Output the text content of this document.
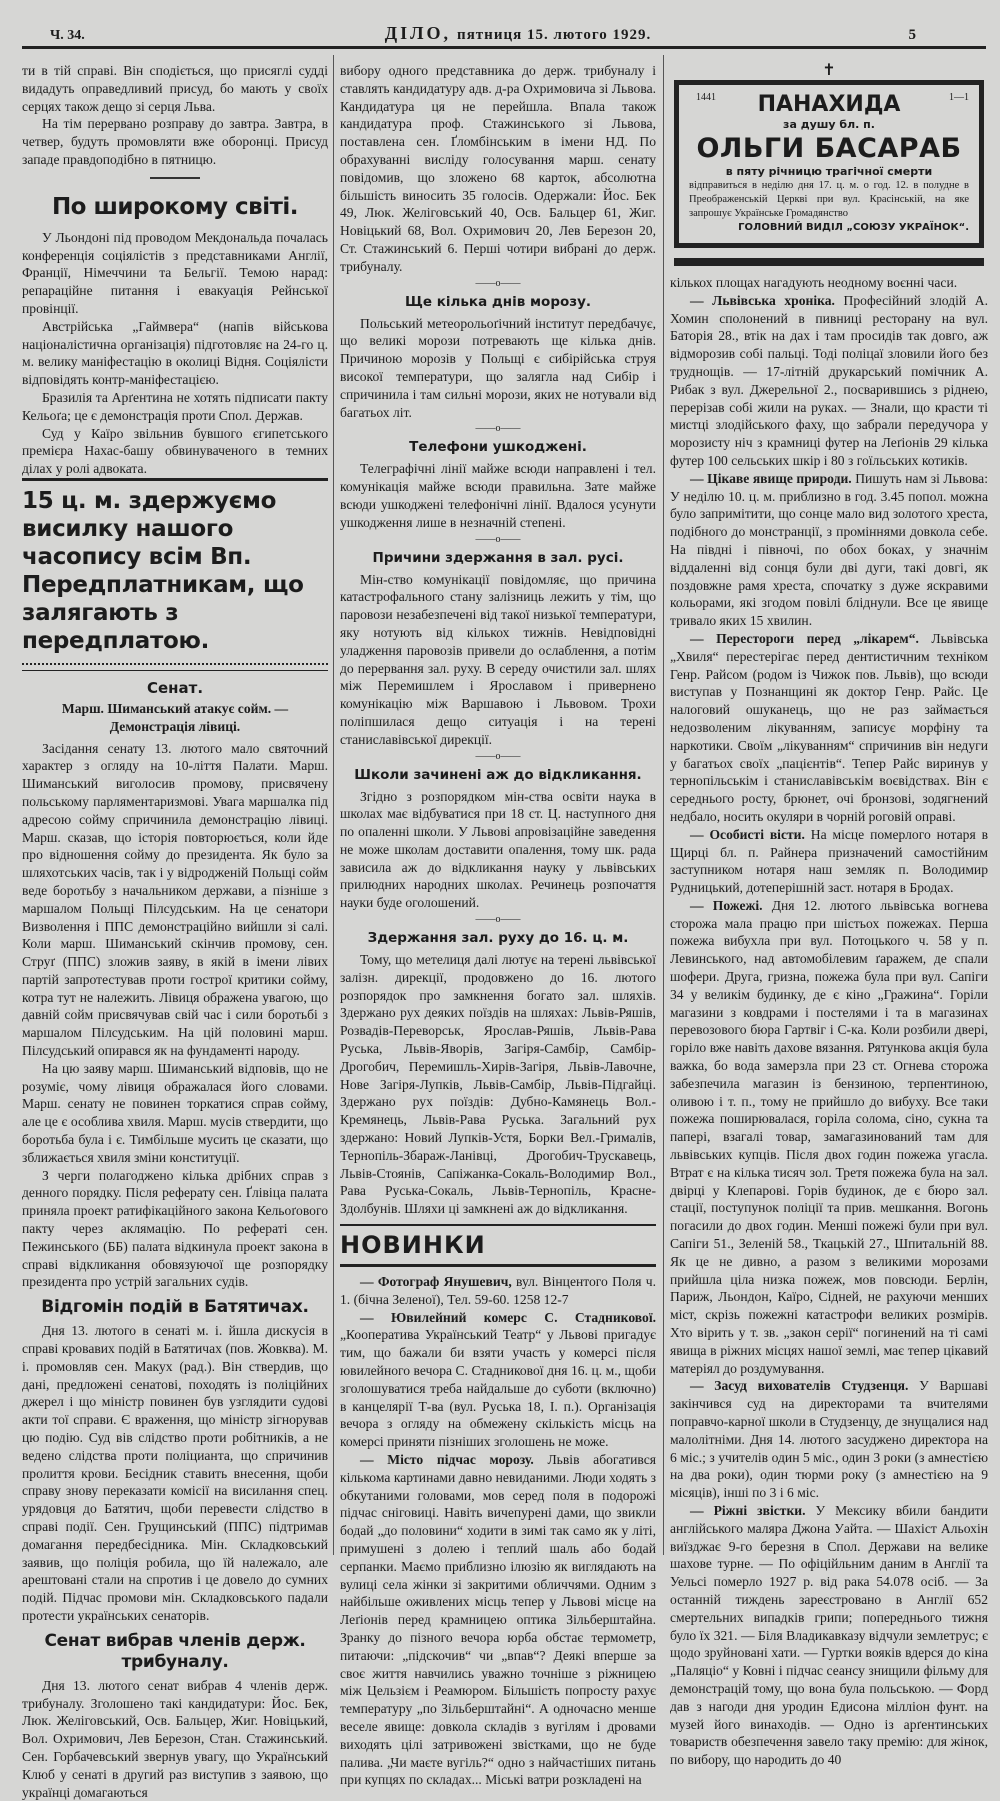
Ч. 34.	ДІЛО, пятниця 15. лютого 1929.	5

ти в тій справі. Він сподіється, що присяглі судді видадуть оправедливий присуд, бо мають у своїх серцях також дещо зі серця Льва.

На тім перервано розправу до завтра. Завтра, в четвер, будуть промовляти вже оборонці. Присуд западе правдоподібно в пятницю.

По широкому світі.

У Льондоні під проводом Мекдональда почалась конференція соціялістів з представниками Англії, Франції, Німеччини та Бельгії. Темою нарад: репараційне питання і евакуація Рейнської провінції.

Австрійська „Гаймвера“ (напів військова націоналістична організація) підготовляє на 24-го ц. м. велику маніфестацію в околиці Відня. Соціялісти відповідять контр-маніфестацією.

Бразилія та Арґентина не хотять підписати пакту Кельоґа; це є демонстрація проти Спол. Держав.

Суд у Каїро звільнив бувшого єгипетського премієра Нахас-башу обвинуваченого в темних ділах у ролі адвоката.

15 ц. м. здержуємо висилку нашого часопису всім Вп. Передплатникам, що залягають з передплатою.
Сенат.

Марш. Шиманський атакує сойм. — Демонстрація лівиці.

Засідання сенату 13. лютого мало святочний характер з огляду на 10-ліття Палати. Марш. Шиманський виголосив промову, присвячену польському парляментаризмові. Увага маршалка під адресою сойму спричинила демонстрацію лівиці. Марш. сказав, що історія повторюється, коли йде про відношення сойму до президента. Як було за шляхотських часів, так і у відродженій Польщі сойм веде боротьбу з начальником держави, а пізніше з маршалом Польщі Пілсудським. На це сенатори Визволення і ППС демонстраційно вийшли зі салі. Коли марш. Шиманський скінчив промову, сен. Струґ (ППС) зложив заяву, в якій в імени лівих партій запротестував проти гострої критики сойму, котра тут не належить. Лівиця ображена увагою, що давній сойм присвячував свій час і сили боротьбі з маршалом Пілсудським. На цій половині марш. Пілсудський опирався як на фундаменті народу.

На цю заяву марш. Шиманський відповів, що не розуміє, чому лівиця ображалася його словами. Марш. сенату не повинен торкатися справ сойму, але це є особлива хвиля. Марш. мусів ствердити, що боротьба була і є. Тимбільше мусить це сказати, що зближається хвиля зміни конституції.

З черги полагоджено кілька дрібних справ з денного порядку. Після реферату сен. Ґлівіца палата приняла проект ратифікаційного закона Кельоґового пакту через аклямацію. По рефераті сен. Пежинського (ББ) палата відкинула проект закона в справі відкликання обовязуючої ще розпорядку президента про устрій загальних судів.

Відгомін подій в Батятичах.

Дня 13. лютого в сенаті м. і. йшла дискусія в справі кровавих подій в Батятичах (пов. Жовква). М. і. промовляв сен. Макух (рад.). Він ствердив, що дані, предложені сенатові, походять із поліційних джерел і що міністр повинен був узглядити судові акти тої справи. Є враження, що міністр зігнорував цю подію. Суд вів слідство проти робітників, а не ведено слідства проти поліцианта, що спричинив пролиття крови. Бесідник ставить внесення, щоби справу знову переказати комісії на висилання спец. урядовця до Батятич, щоби перевести слідство в справі події. Сен. Грущинський (ППС) підтримав домагання передбесідника. Мін. Складковський заявив, що поліція робила, що їй належало, але арештовані стали на спротив і це довело до сумних подій. Підчас промови мін. Складковського падали протести українських сенаторів.

Сенат вибрав членів держ. трибуналу.

Дня 13. лютого сенат вибрав 4 членів держ. трибуналу. Зголошено такі кандидатури: Йос. Бек, Люк. Желіговський, Осв. Бальцер, Жиг. Новіцький, Вол. Охримович, Лев Березон, Стан. Стажинський. Сен. Горбачевський звернув увагу, що Український Клюб у сенаті в другий раз виступив з заявою, що українці домагаються

вибору одного представника до держ. трибуналу і ставлять кандидатуру адв. д-ра Охримовича зі Львова. Кандидатура ця не перейшла. Впала також кандидатура проф. Стажинського зі Львова, поставлена сен. Ґломбінським в імени НД. По обрахуванні висліду голосування марш. сенату повідомив, що зложено 68 карток, абсолютна більшість виносить 35 голосів. Одержали: Йос. Бек 49, Люк. Желіговський 40, Осв. Бальцер 61, Жиг. Новіцький 68, Вол. Охримович 20, Лев Березон 20, Ст. Стажинський 6. Перші чотири вибрані до держ. трибуналу.

——o——
Ще кілька днів морозу.

Польський метеорольоґічний інститут передбачує, що великі морози потревають ще кілька днів. Причиною морозів у Польщі є сибірійська струя високої температури, що залягла над Сибір і спричинила і там сильні морози, яких не нотували від багатьох літ.

——o——
Телефони ушкоджені.

Телеграфічні лінії майже всюди направлені і тел. комунікація майже всюди правильна. Зате майже всюди ушкоджені телефонічні лінії. Вдалося усунути ушкодження лише в незначній степені.

——o——
Причини здержання в зал. русі.

Мін-ство комунікації повідомляє, що причина катастрофального стану залізниць лежить у тім, що паровози незабезпечені від такої низької температури, яку нотують від кількох тижнів. Невідповідні уладження паровозів привели до ослаблення, а потім до перервання зал. руху. В середу очистили зал. шлях між Перемишлем і Ярославом і привернено комунікацію між Варшавою і Львовом. Трохи поліпшилася дещо ситуація і на терені станиславівської дирекції.

——o——
Школи зачинені аж до відкликання.

Згідно з розпорядком мін-ства освіти наука в школах має відбуватися при 18 ст. Ц. наступного дня по опаленні школи. У Львові апровізаційне заведення не може школам доставити опалення, тому шк. рада зависила аж до відкликання науку у львівських прилюдних народних школах. Речинець розпочаття науки буде оголошений.

——o——
Здержання зал. руху до 16. ц. м.

Тому, що метелиця далі лютує на терені львівської залізн. дирекції, продовжено до 16. лютого розпорядок про замкнення богато зал. шляхів. Здержано рух деяких поїздів на шляхах: Львів-Ряшів, Розвадів-Переворськ, Ярослав-Ряшів, Львів-Рава Руська, Львів-Яворів, Загіря-Самбір, Самбір-Дрогобич, Перемишль-Хирів-Загіря, Львів-Лавочне, Нове Загіря-Лупків, Львів-Самбір, Львів-Підгайці. Здержано рух поїздів: Дубно-Камянець Вол.-Кремянець, Львів-Рава Руська. Загальний рух здержано: Новий Лупків-Устя, Борки Вел.-Грималів, Тернопіль-Збараж-Ланівці, Дрогобич-Трускавець, Львів-Стоянів, Сапіжанка-Сокаль-Володимир Вол., Рава Руська-Сокаль, Львів-Тернопіль, Красне-Здолбунів. Шляхи ці замкнені аж до відкликання.

НОВИНКИ

— Фотограф Янушевич, вул. Вінцентого Поля ч. 1. (бічна Зеленої), Тел. 59-60. 1258 12-7

— Ювилейний комерс С. Стадникової. „Кооператива Український Театр“ у Львові пригадує тим, що бажали би взяти участь у комерсі після ювилейного вечора С. Стадникової дня 16. ц. м., щоби зголошуватися треба найдальше до суботи (включно) в канцелярії Т-ва (вул. Руська 18, I. п.). Організація вечора з огляду на обмежену скількість місць на комерсі приняти пізніших зголошень не може.

— Місто підчас морозу. Львів абогатився кількома картинами давно невиданими. Люди ходять з обкутаними головами, мов серед поля в подорожі підчас сніговиці. Навіть вичепурені дами, що звикли бодай „до половини“ ходити в зимі так само як у літі, примушені з долею і теплий шаль або бодай серпанки. Маємо приблизно ілюзію як виглядають на вулиці села жінки зі закритими обличчями. Одним з найбільше оживлених місць тепер у Львові місце на Леґіонів перед крамницею оптика Зільберштайна. Зранку до пізного вечора юрба обстає термометр, питаючи: „підскочив“ чи „впав“? Деякі вперше за своє життя навчились уважно точніше з ріжницею між Цельзієм і Реамюром. Більшість попросту рахує температуру „по Зільберштайні“. А одночасно менше веселе явище: довкола складів з вугілям і дровами виходять цілі затривожені звістками, що не буде палива. „Чи маєте вугіль?“ одно з найчастіших питань при купцях по складах... Міські ватри розкладені на

✝
1441	ПАНАХИДА	1—1
за душу бл. п.
ОЛЬГИ БАСАРАБ
в пяту річницю трагічної смерти
відправиться в неділю дня 17. ц. м. о год. 12. в полудне в Преображенській Церкві при вул. Красінській, на яке запрошує Українське Громадянство
ГОЛОВНИЙ ВИДІЛ „СОЮЗУ УКРАЇНОК“.

кількох площах нагадують неодному воєнні часи.

— Львівська хроніка. Професійний злодій А. Хомин сполонений в пивниці ресторану на вул. Баторія 28., втік на дах і там просидів так довго, аж відморозив собі пальці. Тоді поліцаї зловили його без труднощів. — 17-літній друкарський помічник А. Рибак з вул. Джерельної 2., посварившись з ріднею, перерізав собі жили на руках. — Знали, що красти ті мистці злодійського фаху, що забрали передучора у морозисту ніч з крамниці футер на Леґіонів 29 кілька футер 100 сельських шкір і 80 з гоїльських котиків.

— Цікаве явище природи. Пишуть нам зі Львова: У неділю 10. ц. м. приблизно в год. 3.45 попол. можна було запримітити, що сонце мало вид золотого хреста, подібного до монстранції, з проміннями довкола себе. На півдні і півночі, по обох боках, у значнім віддаленні від сонця були дві дуги, такі довгі, як поздовжне рамя хреста, спочатку з дуже яскравими кольорами, які згодом повілі бліднули. Все це явище тривало яких 15 хвилин.

— Перестороги перед „лікарем“. Львівська „Хвиля“ перестерігає перед дентистичним техніком Генр. Райсом (родом із Чижок пов. Львів), що всюди виступав у Познанщині як доктор Генр. Райс. Це налоговий ошуканець, що не раз займається недозволеним лікуванням, записує морфіну та наркотики. Своїм „лікуванням“ спричинив він недуги у багатьох своїх „пацієнтів“. Тепер Райс виринув у тернопільськім і станиславівськім воєвідствах. Він є середнього росту, брюнет, очі бронзові, зодягнений недбало, носить окуляри в чорній роговій оправі.

— Особисті вісти. На місце померлого нотаря в Щирці бл. п. Райнера призначений самостійним заступником нотаря наш земляк п. Володимир Рудницький, дотеперішній заст. нотаря в Бродах.

— Пожежі. Дня 12. лютого львівська вогнева сторожа мала працю при шістьох пожежах. Перша пожежа вибухла при вул. Потоцького ч. 58 у п. Левинського, над автомобілевим ґаражем, де спали шофери. Друга, гризна, пожежа була при вул. Сапіги 34 у великім будинку, де є кіно „Гражина“. Горіли магазини з ковдрами і постелями і та в магазинах перевозового бюра Гартвіг і С-ка. Коли розбили двері, горіло вже навіть дахове вязання. Рятункова акція була важка, бо вода замерзла при 23 ст. Огнева сторожа забезпечила магазин із бензиною, терпентиною, оливою і т. п., тому не прийшло до вибуху. Все таки пожежа поширювалася, горіла солома, сіно, сукна та папері, взагалі товар, замагазинований там для львівських купців. Після двох годин пожежа угасла. Втрат є на кілька тисяч зол. Третя пожежа була на зал. двірці у Клепарові. Горів будинок, де є бюро зал. стації, поступунок поліції та прив. мешкання. Вогонь погасили до двох годин. Менші пожежі були при вул. Сапіги 51., Зеленій 58., Ткацькій 27., Шпитальній 88. Як це не дивно, а разом з великими морозами прийшла ціла низка пожеж, мов повсюди. Берлін, Париж, Льондон, Каїро, Сідней, не рахуючи менших міст, скрізь пожежні катастрофи великих розмірів. Хто вірить у т. зв. „закон серії“ погинений на ті самі явища в ріжних місцях нашої землі, має тепер цікавий матеріял до роздумування.

— Засуд вихователів Студзенця. У Варшаві закінчився суд на директорами та вчителями поправчо-карної школи в Студзенцу, де знущалися над малолітніми. Дня 14. лютого засуджено директора на 6 міс.; з учителів один 5 міс., один 3 роки (з амнестією на два роки), один тюрми року (з амнестією на 9 місяців), інші по 3 і 6 міс.

— Ріжні звістки. У Мексику вбили бандити англійського маляра Джона Уайта. — Шахіст Альохін виїзджає 9-го березня в Спол. Держави на велике шахове турне. — По офіційльним даним в Англії та Уельсі померло 1927 р. від рака 54.078 осіб. — За останній тиждень зареєстровано в Англії 652 смертельних випадків грипи; попереднього тижня було їх 321. — Біля Владикавказу відчули землетрус; є щодо зруйновані хати. — Гуртки вояків вдерся до кіна „Паляціо“ у Ковні і підчас сеансу знищили фільму для демонстрацій тому, що вона була польською. — Форд дав з нагоди дня уродин Едисона мілліон фунт. на музей його винаходів. — Одно із арґентинських товариств обезпечення завело таку премію: для жінок, по вибору, що народить до 40
